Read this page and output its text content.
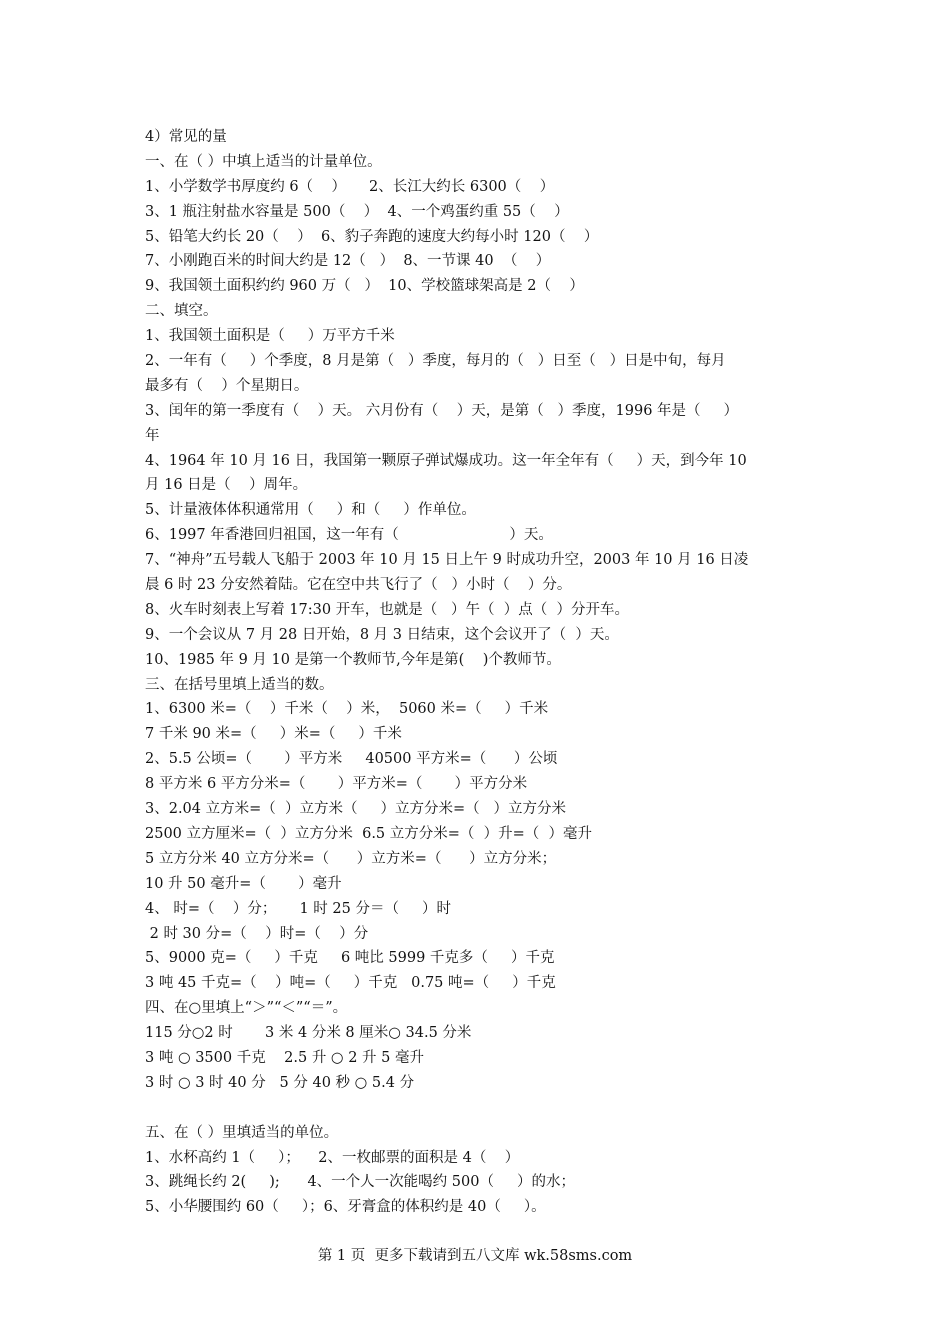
4）常见的量
一、在（ ）中填上适当的计量单位。
1、小学数学书厚度约 6（    ）     2、长江大约长 6300（    ）
3、1 瓶注射盐水容量是 500（    ）  4、一个鸡蛋约重 55（    ）
5、铅笔大约长 20（    ）  6、豹子奔跑的速度大约每小时 120（    ）
7、小刚跑百米的时间大约是 12（   ）  8、一节课 40  （    ）
9、我国领土面积约约 960 万（   ）  10、学校篮球架高是 2（    ）
二、填空。
1、我国领土面积是（     ）万平方千米
2、一年有（     ）个季度，8 月是第（   ）季度，每月的（   ）日至（   ）日是中旬，每月
最多有（    ）个星期日。
3、闰年的第一季度有（    ）天。 六月份有（    ）天，是第（   ）季度，1996 年是（     ）
年
4、1964 年 10 月 16 日，我国第一颗原子弹试爆成功。这一年全年有（     ）天，到今年 10
月 16 日是（    ）周年。
5、计量液体体积通常用（     ）和（     ）作单位。
6、1997 年香港回归祖国，这一年有（                        ）天。
7、“神舟”五号载人飞船于 2003 年 10 月 15 日上午 9 时成功升空，2003 年 10 月 16 日凌
晨 6 时 23 分安然着陆。它在空中共飞行了（   ）小时（    ）分。
8、火车时刻表上写着 17:30 开车，也就是（   ）午（  ）点（  ）分开车。
9、一个会议从 7 月 28 日开始，8 月 3 日结束，这个会议开了（  ）天。
10、1985 年 9 月 10 是第一个教师节,今年是第(    )个教师节。
三、在括号里填上适当的数。
1、6300 米=（    ）千米（    ）米，  5060 米=（     ）千米
7 千米 90 米=（     ）米=（     ）千米
2、5.5 公顷=（       ）平方米     40500 平方米=（      ）公顷
8 平方米 6 平方分米=（       ）平方米=（       ）平方分米
3、2.04 立方米=（  ）立方米（     ）立方分米=（   ）立方分米
2500 立方厘米=（  ）立方分米  6.5 立方分米=（  ）升=（  ）毫升
5 立方分米 40 立方分米=（      ）立方米=（      ）立方分米；
10 升 50 毫升=（       ）毫升
4、 时=（    ）分；     1 时 25 分＝（     ）时
2 时 30 分=（    ）时=（    ）分
5、9000 克=（     ）千克     6 吨比 5999 千克多（     ）千克
3 吨 45 千克=（    ）吨=（     ）千克   0.75 吨=（     ）千克
四、在○里填上“＞”“＜”“＝”。
115 分○2 时       3 米 4 分米 8 厘米○ 34.5 分米
3 吨 ○ 3500 千克    2.5 升 ○ 2 升 5 毫升
3 时 ○ 3 时 40 分   5 分 40 秒 ○ 5.4 分
五、在（ ）里填适当的单位。
1、水杯高约 1（     ）；    2、一枚邮票的面积是 4（    ）
3、跳绳长约 2(     );      4、一个人一次能喝约 500（     ）的水；
5、小华腰围约 60（     ）；6、牙膏盒的体积约是 40（     ）。
第 1 页  更多下载请到五八文库 wk.58sms.com
